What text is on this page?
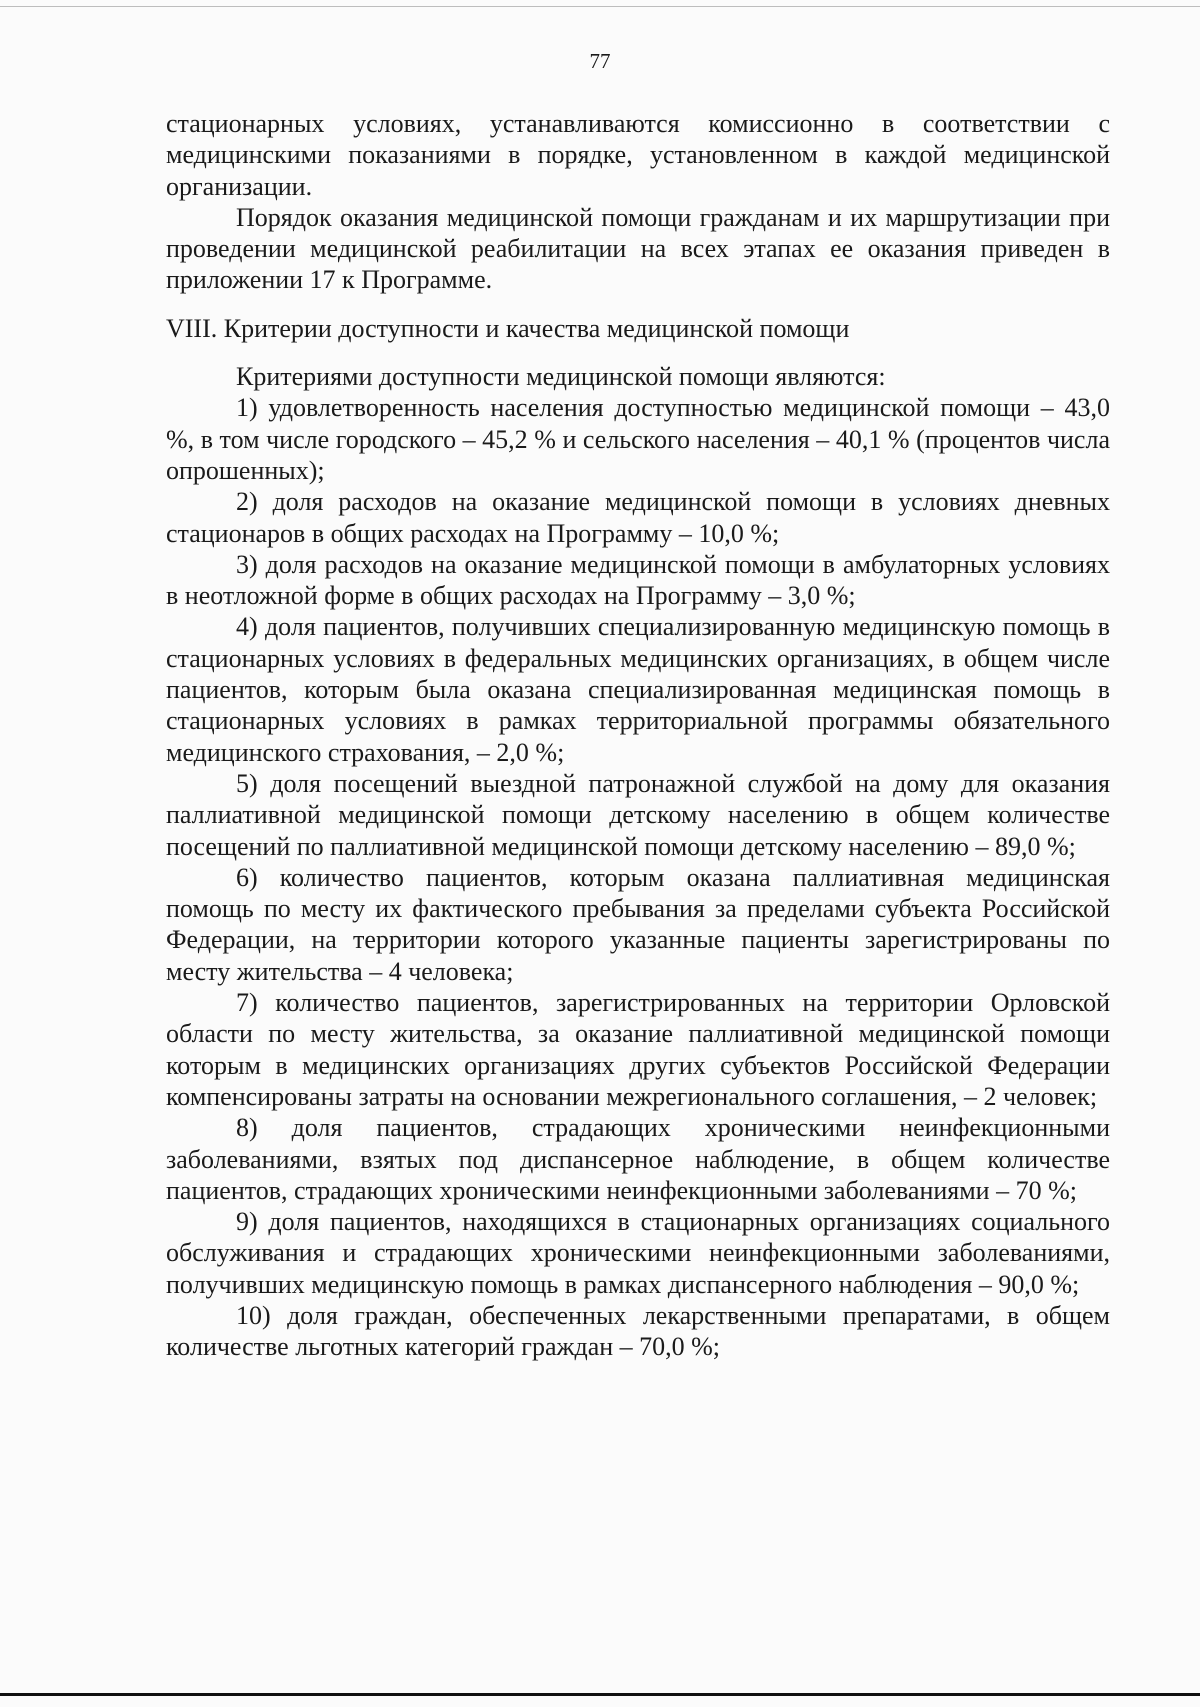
77

стационарных условиях, устанавливаются комиссионно в соответствии с медицинскими показаниями в порядке, установленном в каждой медицинской организации.

Порядок оказания медицинской помощи гражданам и их маршрутизации при проведении медицинской реабилитации на всех этапах ее оказания приведен в приложении 17 к Программе.

VIII. Критерии доступности и качества медицинской помощи

Критериями доступности медицинской помощи являются:

1) удовлетворенность населения доступностью медицинской помощи – 43,0 %, в том числе городского – 45,2 % и сельского населения – 40,1 % (процентов числа опрошенных);

2) доля расходов на оказание медицинской помощи в условиях дневных стационаров в общих расходах на Программу – 10,0 %;

3) доля расходов на оказание медицинской помощи в амбулаторных условиях в неотложной форме в общих расходах на Программу – 3,0 %;

4) доля пациентов, получивших специализированную медицинскую помощь в стационарных условиях в федеральных медицинских организациях, в общем числе пациентов, которым была оказана специализированная медицинская помощь в стационарных условиях в рамках территориальной программы обязательного медицинского страхования, – 2,0 %;

5) доля посещений выездной патронажной службой на дому для оказания паллиативной медицинской помощи детскому населению в общем количестве посещений по паллиативной медицинской помощи детскому населению – 89,0 %;

6) количество пациентов, которым оказана паллиативная медицинская помощь по месту их фактического пребывания за пределами субъекта Российской Федерации, на территории которого указанные пациенты зарегистрированы по месту жительства – 4 человека;

7) количество пациентов, зарегистрированных на территории Орловской области по месту жительства, за оказание паллиативной медицинской помощи которым в медицинских организациях других субъектов Российской Федерации компенсированы затраты на основании межрегионального соглашения, – 2 человек;

8) доля пациентов, страдающих хроническими неинфекционными заболеваниями, взятых под диспансерное наблюдение, в общем количестве пациентов, страдающих хроническими неинфекционными заболеваниями – 70 %;

9) доля пациентов, находящихся в стационарных организациях социального обслуживания и страдающих хроническими неинфекционными заболеваниями, получивших медицинскую помощь в рамках диспансерного наблюдения – 90,0 %;

10) доля граждан, обеспеченных лекарственными препаратами, в общем количестве льготных категорий граждан – 70,0 %;
